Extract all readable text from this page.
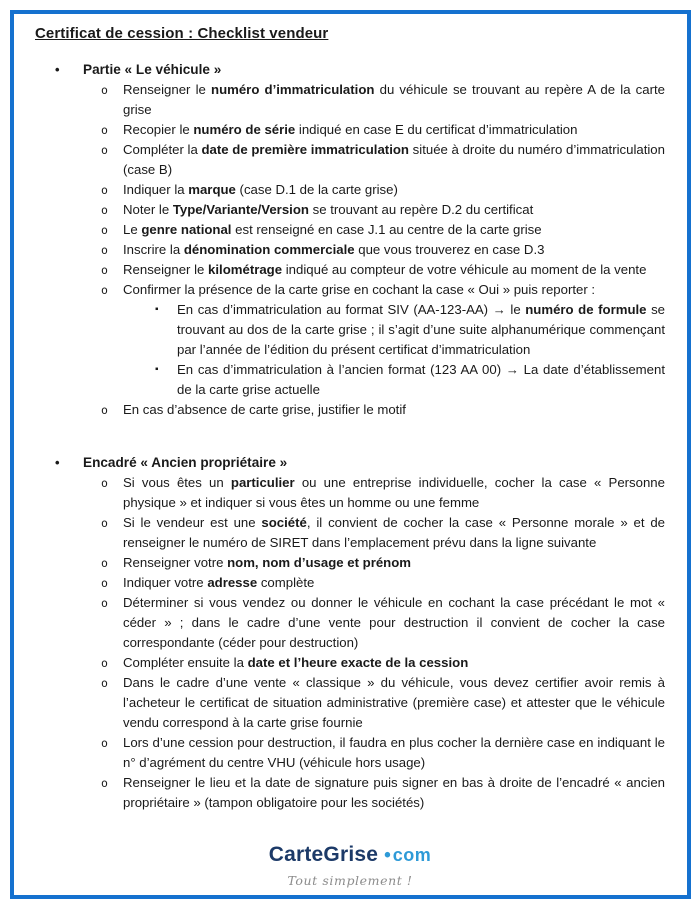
Certificat de cession : Checklist vendeur
•	Partie « Le véhicule »
o	Renseigner le numéro d’immatriculation du véhicule se trouvant au repère A de la carte grise
o	Recopier le numéro de série indiqué en case E du certificat d’immatriculation
o	Compléter la date de première immatriculation située à droite du numéro d’immatriculation (case B)
o	Indiquer la marque (case D.1 de la carte grise)
o	Noter le Type/Variante/Version se trouvant au repère D.2 du certificat
o	Le genre national est renseigné en case J.1 au centre de la carte grise
o	Inscrire la dénomination commerciale que vous trouverez en case D.3
o	Renseigner le kilométrage indiqué au compteur de votre véhicule au moment de la vente
o	Confirmer la présence de la carte grise en cochant la case « Oui » puis reporter :
▪	En cas d’immatriculation au format SIV (AA-123-AA) → le numéro de formule se trouvant au dos de la carte grise ; il s’agit d’une suite alphanumérique commençant par l’année de l’édition du présent certificat d’immatriculation
▪	En cas d’immatriculation à l’ancien format (123 AA 00) → La date d’établissement de la carte grise actuelle
o	En cas d’absence de carte grise, justifier le motif
•	Encadré « Ancien propriétaire »
o	Si vous êtes un particulier ou une entreprise individuelle, cocher la case « Personne physique » et indiquer si vous êtes un homme ou une femme
o	Si le vendeur est une société, il convient de cocher la case « Personne morale » et de renseigner le numéro de SIRET dans l’emplacement prévu dans la ligne suivante
o	Renseigner votre nom, nom d’usage et prénom
o	Indiquer votre adresse complète
o	Déterminer si vous vendez ou donner le véhicule en cochant la case précédant le mot « céder » ; dans le cadre d’une vente pour destruction il convient de cocher la case correspondante (céder pour destruction)
o	Compléter ensuite la date et l’heure exacte de la cession
o	Dans le cadre d’une vente « classique » du véhicule, vous devez certifier avoir remis à l’acheteur le certificat de situation administrative (première case) et attester que le véhicule vendu correspond à la carte grise fournie
o	Lors d’une cession pour destruction, il faudra en plus cocher la dernière case en indiquant le n° d’agrément du centre VHU (véhicule hors usage)
o	Renseigner le lieu et la date de signature puis signer en bas à droite de l’encadré « ancien propriétaire » (tampon obligatoire pour les sociétés)
CarteGrise • com
Tout simplement !
